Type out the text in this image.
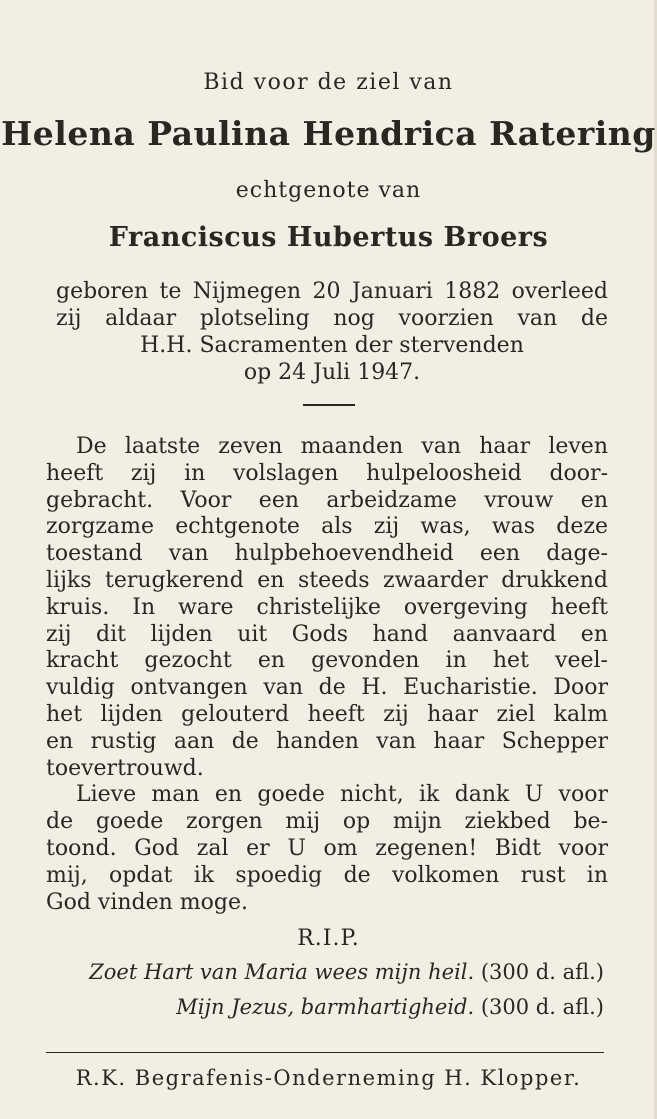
Bid voor de ziel van
Helena Paulina Hendrica Ratering
echtgenote van
Franciscus Hubertus Broers
geboren te Nijmegen 20 Januari 1882 overleed
zij aldaar plotseling nog voorzien van de
H.H. Sacramenten der stervenden
op 24 Juli 1947.
De laatste zeven maanden van haar leven
heeft zij in volslagen hulpeloosheid door-
gebracht. Voor een arbeidzame vrouw en
zorgzame echtgenote als zij was, was deze
toestand van hulpbehoevendheid een dage-
lijks terugkerend en steeds zwaarder drukkend
kruis. In ware christelijke overgeving heeft
zij dit lijden uit Gods hand aanvaard en
kracht gezocht en gevonden in het veel-
vuldig ontvangen van de H. Eucharistie. Door
het lijden gelouterd heeft zij haar ziel kalm
en rustig aan de handen van haar Schepper
toevertrouwd.
Lieve man en goede nicht, ik dank U voor
de goede zorgen mij op mijn ziekbed be-
toond. God zal er U om zegenen! Bidt voor
mij, opdat ik spoedig de volkomen rust in
God vinden moge.
R.I.P.
Zoet Hart van Maria wees mijn heil. (300 d. afl.)
Mijn Jezus, barmhartigheid. (300 d. afl.)
R.K. Begrafenis-Onderneming H. Klopper.
